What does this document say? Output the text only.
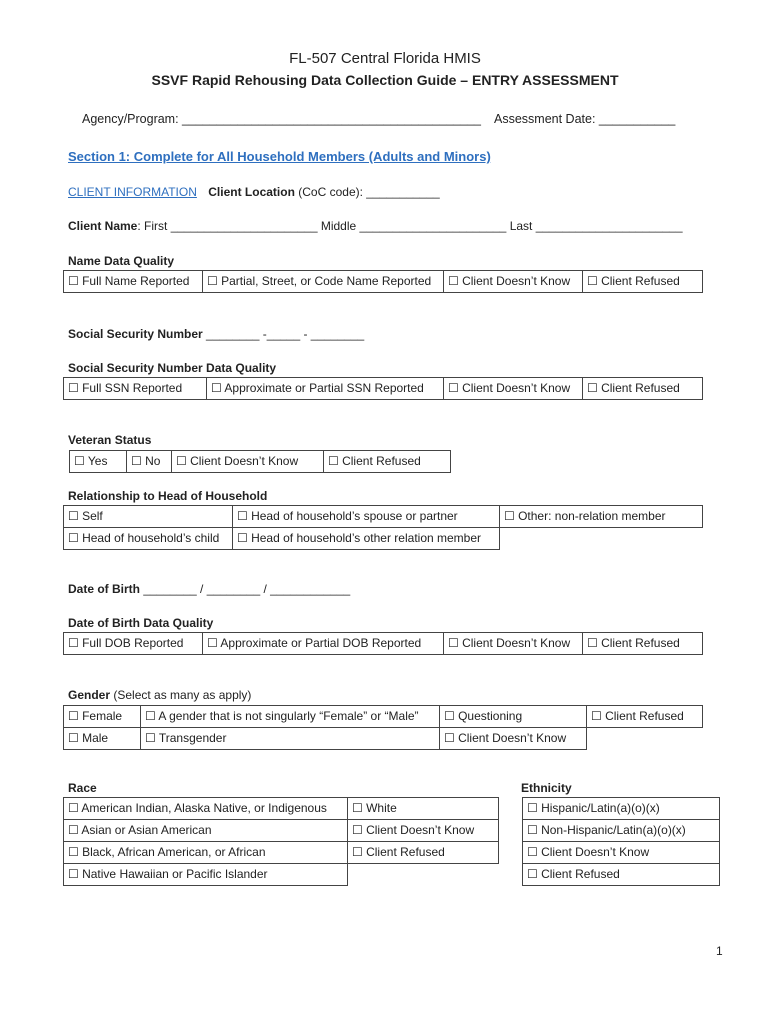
FL-507 Central Florida HMIS
SSVF Rapid Rehousing Data Collection Guide – ENTRY ASSESSMENT
Agency/Program: ___________________________________________ Assessment Date: ___________
Section 1: Complete for All Household Members (Adults and Minors)
CLIENT INFORMATION Client Location (CoC code): ___________
Client Name: First ______________________ Middle ______________________ Last ______________________
Name Data Quality
☐ Full Name Reported	☐ Partial, Street, or Code Name Reported	☐ Client Doesn’t Know	☐ Client Refused
Social Security Number ________ -_____ - ________
Social Security Number Data Quality
☐ Full SSN Reported	☐ Approximate or Partial SSN Reported	☐ Client Doesn’t Know	☐ Client Refused
Veteran Status
☐ Yes	☐ No	☐ Client Doesn’t Know	☐ Client Refused
Relationship to Head of Household
☐ Self	☐ Head of household’s spouse or partner	☐ Other: non-relation member
☐ Head of household’s child	☐ Head of household’s other relation member	
Date of Birth ________ / ________ / ____________
Date of Birth Data Quality
☐ Full DOB Reported	☐ Approximate or Partial DOB Reported	☐ Client Doesn’t Know	☐ Client Refused
Gender (Select as many as apply)
☐ Female	☐ A gender that is not singularly “Female” or “Male”	☐ Questioning	☐ Client Refused
☐ Male	☐ Transgender	☐ Client Doesn’t Know	
Race
☐ American Indian, Alaska Native, or Indigenous	☐ White
☐ Asian or Asian American	☐ Client Doesn’t Know
☐ Black, African American, or African	☐ Client Refused
☐ Native Hawaiian or Pacific Islander	
Ethnicity
☐ Hispanic/Latin(a)(o)(x)
☐ Non-Hispanic/Latin(a)(o)(x)
☐ Client Doesn’t Know
☐ Client Refused
1
